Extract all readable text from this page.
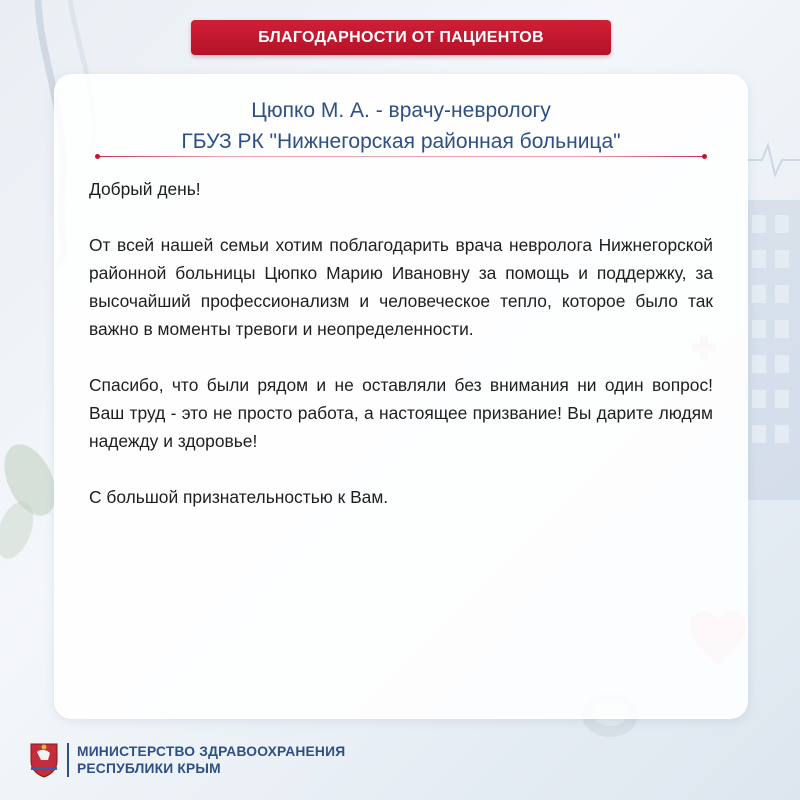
БЛАГОДАРНОСТИ ОТ ПАЦИЕНТОВ
Цюпко М. А. - врачу-неврологу
ГБУЗ РК "Нижнегорская районная больница"

Добрый день!

От всей нашей семьи хотим поблагодарить врача невролога Нижнегорской районной больницы Цюпко Марию Ивановну за помощь и поддержку, за высочайший профессионализм и человеческое тепло, которое было так важно в моменты тревоги и неопределенности.

Спасибо, что были рядом и не оставляли без внимания ни один вопрос! Ваш труд - это не просто работа, а настоящее призвание! Вы дарите людям надежду и здоровье!

С большой признательностью к Вам.

МИНИСТЕРСТВО ЗДРАВООХРАНЕНИЯ
РЕСПУБЛИКИ КРЫМ
